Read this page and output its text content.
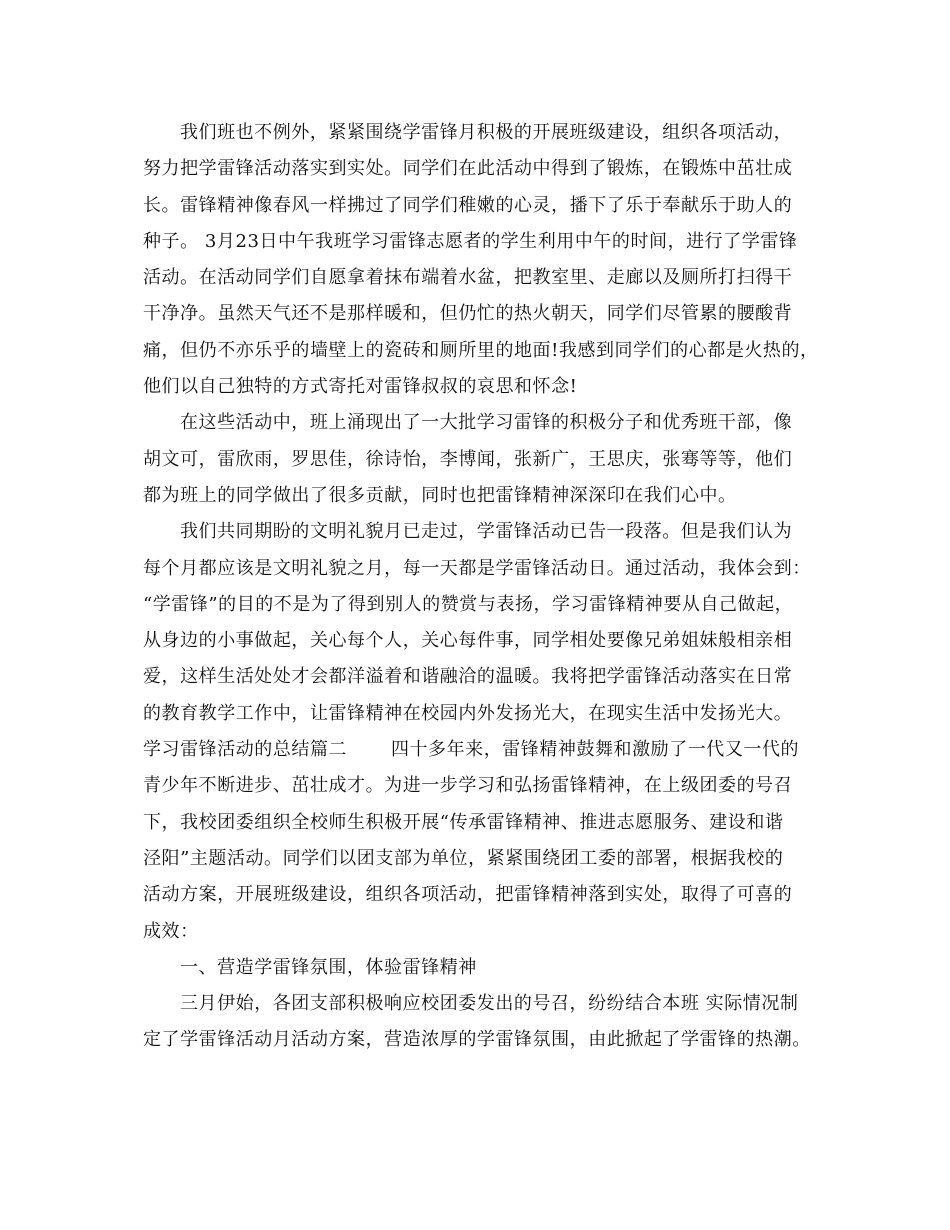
我们班也不例外，紧紧围绕学雷锋月积极的开展班级建设，组织各项活动，
努力把学雷锋活动落实到实处。同学们在此活动中得到了锻炼，在锻炼中茁壮成
长。雷锋精神像春风一样拂过了同学们稚嫩的心灵，播下了乐于奉献乐于助人的
种子。 3月23日中午我班学习雷锋志愿者的学生利用中午的时间，进行了学雷锋
活动。在活动同学们自愿拿着抹布端着水盆，把教室里、走廊以及厕所打扫得干
干净净。虽然天气还不是那样暖和，但仍忙的热火朝天，同学们尽管累的腰酸背
痛，但仍不亦乐乎的墙壁上的瓷砖和厕所里的地面!我感到同学们的心都是火热的，
他们以自己独特的方式寄托对雷锋叔叔的哀思和怀念!
在这些活动中，班上涌现出了一大批学习雷锋的积极分子和优秀班干部，像
胡文可，雷欣雨，罗思佳，徐诗怡，李博闻，张新广，王思庆，张骞等等，他们
都为班上的同学做出了很多贡献，同时也把雷锋精神深深印在我们心中。
我们共同期盼的文明礼貌月已走过，学雷锋活动已告一段落。但是我们认为
每个月都应该是文明礼貌之月，每一天都是学雷锋活动日。通过活动，我体会到：
“学雷锋”的目的不是为了得到别人的赞赏与表扬，学习雷锋精神要从自己做起，
从身边的小事做起，关心每个人，关心每件事，同学相处要像兄弟姐妹般相亲相
爱，这样生活处处才会都洋溢着和谐融洽的温暖。我将把学雷锋活动落实在日常
的教育教学工作中，让雷锋精神在校园内外发扬光大，在现实生活中发扬光大。
学习雷锋活动的总结篇二       四十多年来，雷锋精神鼓舞和激励了一代又一代的
青少年不断进步、茁壮成才。为进一步学习和弘扬雷锋精神，在上级团委的号召
下，我校团委组织全校师生积极开展“传承雷锋精神、推进志愿服务、建设和谐
泾阳”主题活动。同学们以团支部为单位，紧紧围绕团工委的部署，根据我校的
活动方案，开展班级建设，组织各项活动，把雷锋精神落到实处，取得了可喜的
成效：
一、营造学雷锋氛围，体验雷锋精神
三月伊始，各团支部积极响应校团委发出的号召，纷纷结合本班 实际情况制
定了学雷锋活动月活动方案，营造浓厚的学雷锋氛围，由此掀起了学雷锋的热潮。
